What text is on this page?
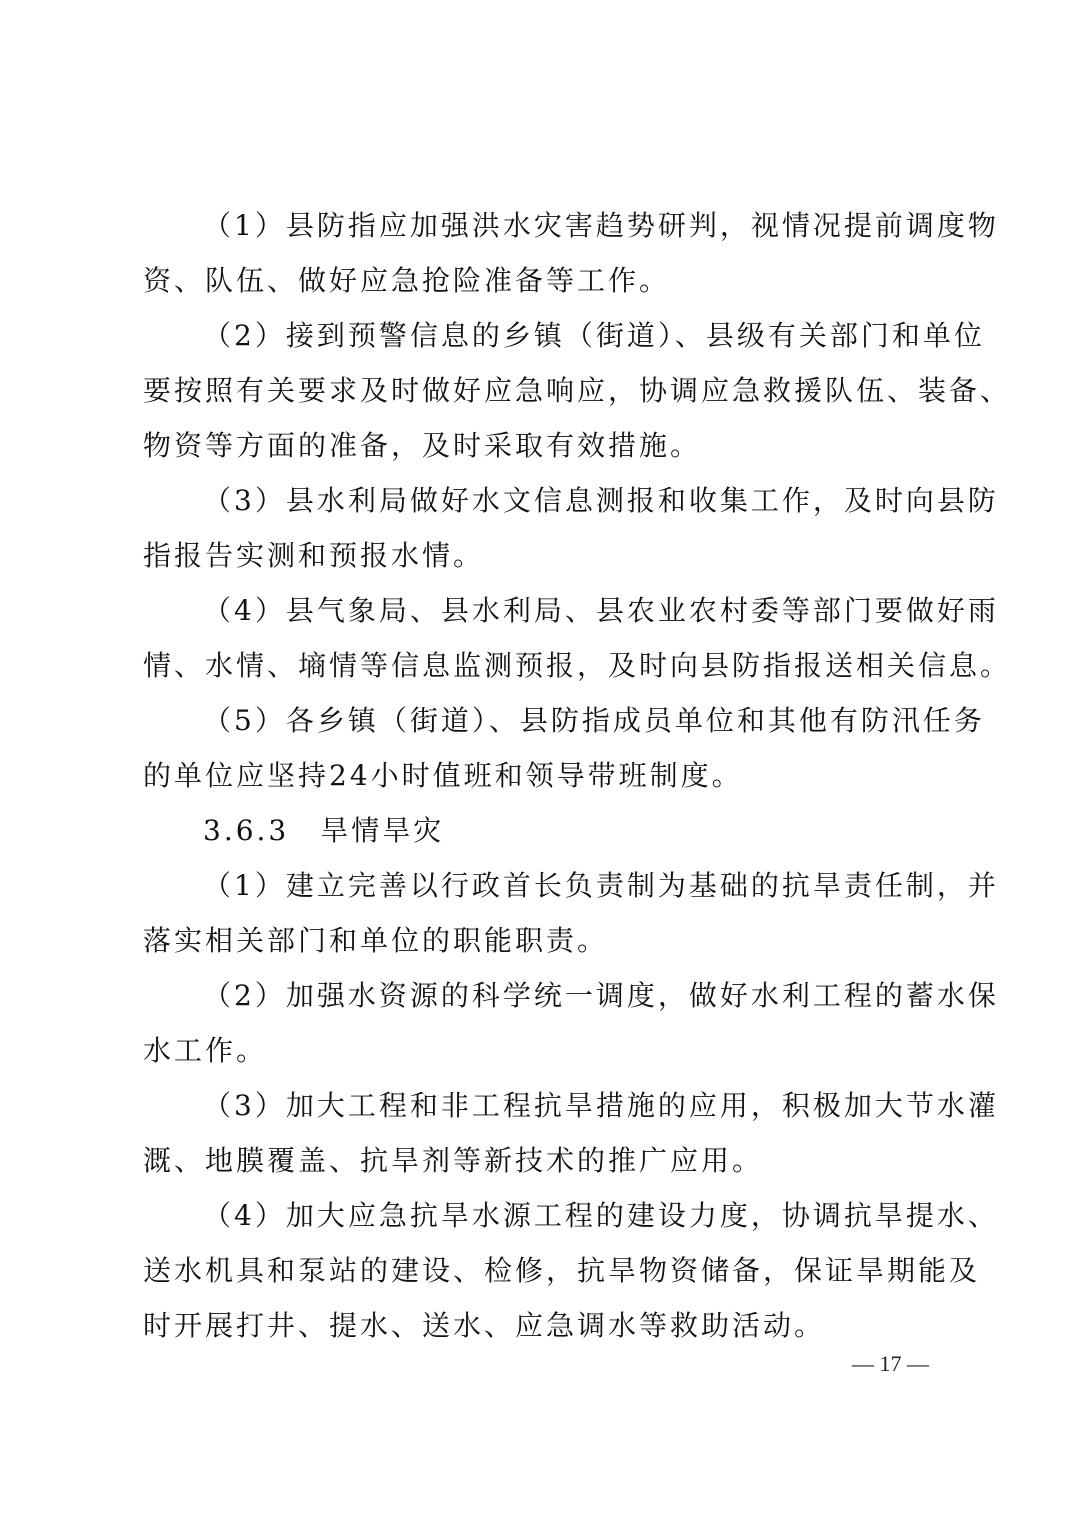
（1）县防指应加强洪水灾害趋势研判，视情况提前调度物
资、队伍、做好应急抢险准备等工作。
（2）接到预警信息的乡镇（街道）、县级有关部门和单位
要按照有关要求及时做好应急响应，协调应急救援队伍、装备、
物资等方面的准备，及时采取有效措施。
（3）县水利局做好水文信息测报和收集工作，及时向县防
指报告实测和预报水情。
（4）县气象局、县水利局、县农业农村委等部门要做好雨
情、水情、墒情等信息监测预报，及时向县防指报送相关信息。
（5）各乡镇（街道）、县防指成员单位和其他有防汛任务
的单位应坚持24小时值班和领导带班制度。
3.6.3　旱情旱灾
（1）建立完善以行政首长负责制为基础的抗旱责任制，并
落实相关部门和单位的职能职责。
（2）加强水资源的科学统一调度，做好水利工程的蓄水保
水工作。
（3）加大工程和非工程抗旱措施的应用，积极加大节水灌
溉、地膜覆盖、抗旱剂等新技术的推广应用。
（4）加大应急抗旱水源工程的建设力度，协调抗旱提水、
送水机具和泵站的建设、检修，抗旱物资储备，保证旱期能及
时开展打井、提水、送水、应急调水等救助活动。
— 17 —
